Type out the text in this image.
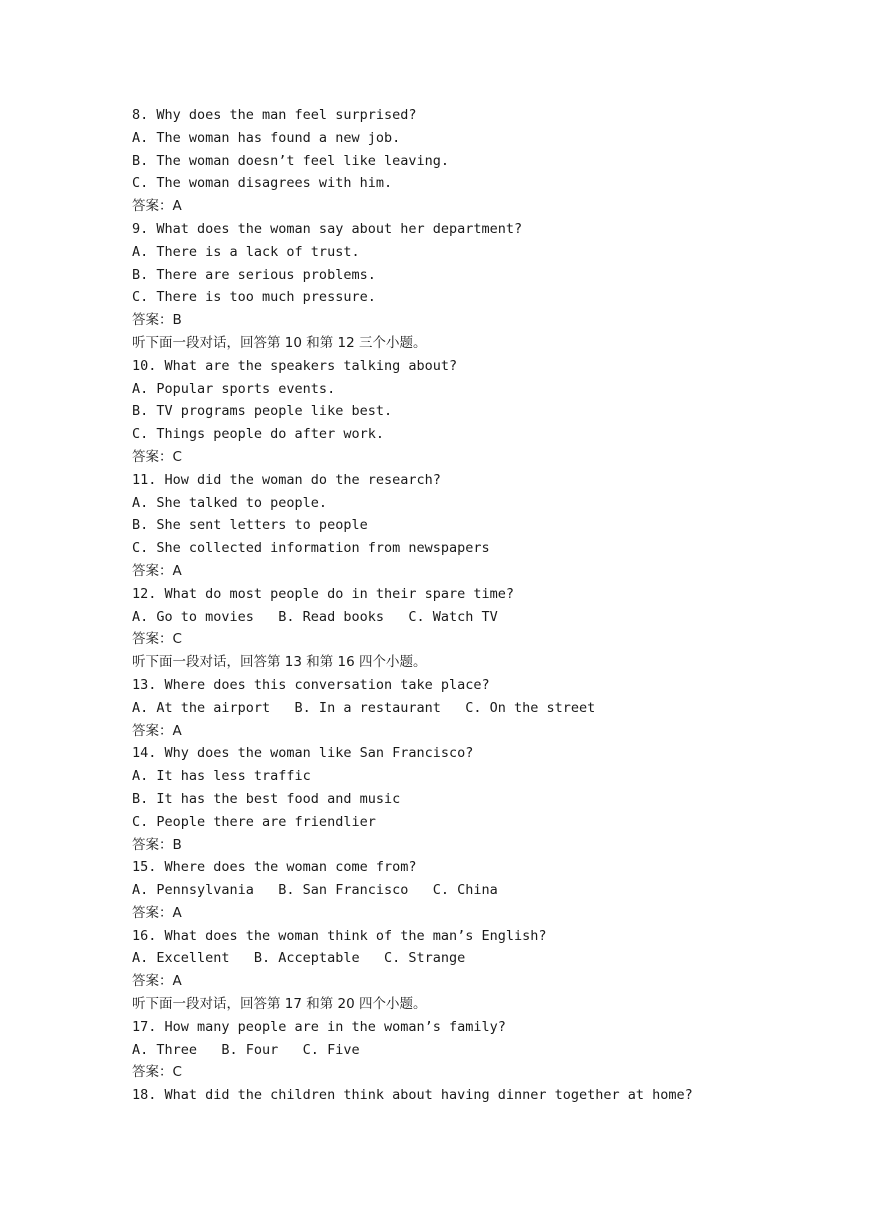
8. Why does the man feel surprised?
A. The woman has found a new job.
B. The woman doesn’t feel like leaving.
C. The woman disagrees with him.
答案：A
9. What does the woman say about her department?
A. There is a lack of trust.
B. There are serious problems.
C. There is too much pressure.
答案：B
听下面一段对话，回答第 10 和第 12 三个小题。
10. What are the speakers talking about?
A. Popular sports events.
B. TV programs people like best.
C. Things people do after work.
答案：C
11. How did the woman do the research?
A. She talked to people.
B. She sent letters to people
C. She collected information from newspapers
答案：A
12. What do most people do in their spare time?
A. Go to movies   B. Read books   C. Watch TV
答案：C
听下面一段对话，回答第 13 和第 16 四个小题。
13. Where does this conversation take place?
A. At the airport   B. In a restaurant   C. On the street
答案：A
14. Why does the woman like San Francisco?
A. It has less traffic
B. It has the best food and music
C. People there are friendlier
答案：B
15. Where does the woman come from?
A. Pennsylvania   B. San Francisco   C. China
答案：A
16. What does the woman think of the man’s English?
A. Excellent   B. Acceptable   C. Strange
答案：A
听下面一段对话，回答第 17 和第 20 四个小题。
17. How many people are in the woman’s family?
A. Three   B. Four   C. Five
答案：C
18. What did the children think about having dinner together at home?
